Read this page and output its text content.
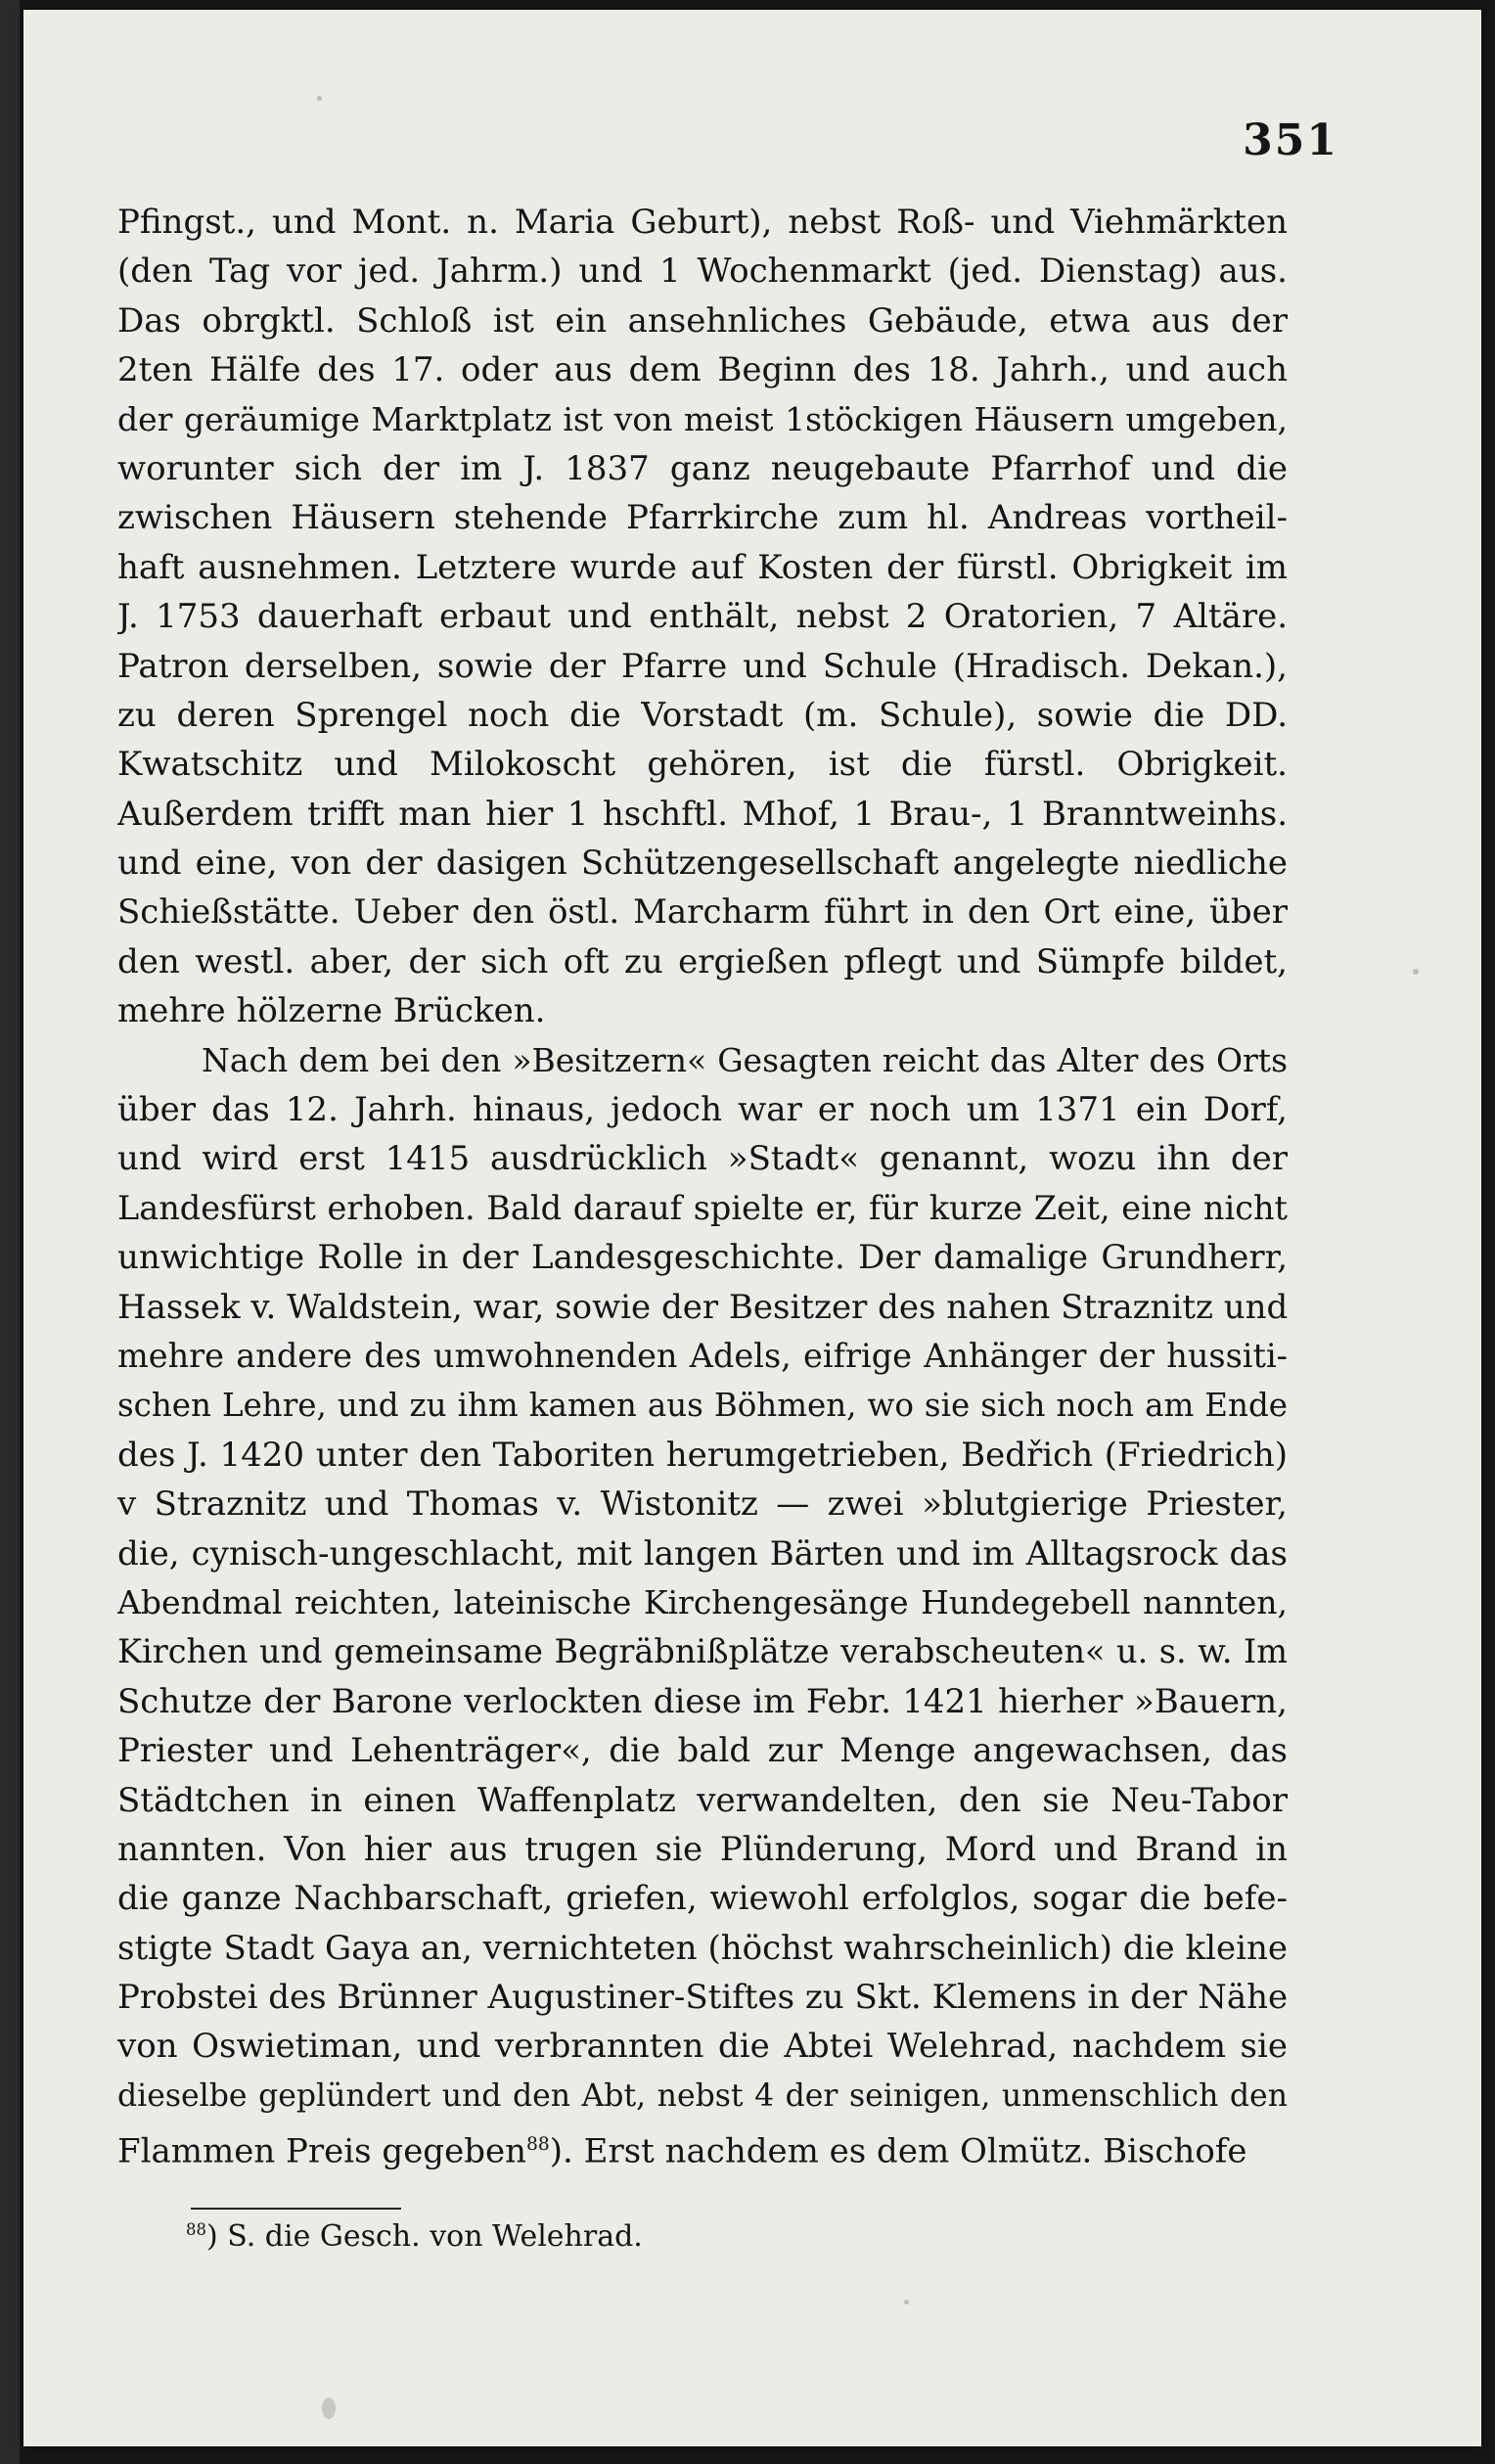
351
Pfingst., und Mont. n. Maria Geburt), nebst Roß- und Viehmärkten
(den Tag vor jed. Jahrm.) und 1 Wochenmarkt (jed. Dienstag) aus.
Das obrgktl. Schloß ist ein ansehnliches Gebäude, etwa aus der
2ten Hälfe des 17. oder aus dem Beginn des 18. Jahrh., und auch
der geräumige Marktplatz ist von meist 1stöckigen Häusern umgeben,
worunter sich der im J. 1837 ganz neugebaute Pfarrhof und die
zwischen Häusern stehende Pfarrkirche zum hl. Andreas vortheil-
haft ausnehmen. Letztere wurde auf Kosten der fürstl. Obrigkeit im
J. 1753 dauerhaft erbaut und enthält, nebst 2 Oratorien, 7 Altäre.
Patron derselben, sowie der Pfarre und Schule (Hradisch. Dekan.),
zu deren Sprengel noch die Vorstadt (m. Schule), sowie die DD.
Kwatschitz und Milokoscht gehören, ist die fürstl. Obrigkeit.
Außerdem trifft man hier 1 hschftl. Mhof, 1 Brau-, 1 Branntweinhs.
und eine, von der dasigen Schützengesellschaft angelegte niedliche
Schießstätte. Ueber den östl. Marcharm führt in den Ort eine, über
den westl. aber, der sich oft zu ergießen pflegt und Sümpfe bildet,
mehre hölzerne Brücken.
Nach dem bei den »Besitzern« Gesagten reicht das Alter des Orts
über das 12. Jahrh. hinaus, jedoch war er noch um 1371 ein Dorf,
und wird erst 1415 ausdrücklich »Stadt« genannt, wozu ihn der
Landesfürst erhoben. Bald darauf spielte er, für kurze Zeit, eine nicht
unwichtige Rolle in der Landesgeschichte. Der damalige Grundherr,
Hassek v. Waldstein, war, sowie der Besitzer des nahen Straznitz und
mehre andere des umwohnenden Adels, eifrige Anhänger der hussiti-
schen Lehre, und zu ihm kamen aus Böhmen, wo sie sich noch am Ende
des J. 1420 unter den Taboriten herumgetrieben, Bedřich (Friedrich)
v Straznitz und Thomas v. Wistonitz — zwei »blutgierige Priester,
die, cynisch-ungeschlacht, mit langen Bärten und im Alltagsrock das
Abendmal reichten, lateinische Kirchengesänge Hundegebell nannten,
Kirchen und gemeinsame Begräbnißplätze verabscheuten« u. s. w. Im
Schutze der Barone verlockten diese im Febr. 1421 hierher »Bauern,
Priester und Lehenträger«, die bald zur Menge angewachsen, das
Städtchen in einen Waffenplatz verwandelten, den sie Neu-Tabor
nannten. Von hier aus trugen sie Plünderung, Mord und Brand in
die ganze Nachbarschaft, griefen, wiewohl erfolglos, sogar die befe-
stigte Stadt Gaya an, vernichteten (höchst wahrscheinlich) die kleine
Probstei des Brünner Augustiner-Stiftes zu Skt. Klemens in der Nähe
von Oswietiman, und verbrannten die Abtei Welehrad, nachdem sie
dieselbe geplündert und den Abt, nebst 4 der seinigen, unmenschlich den
Flammen Preis gegeben$^{88}$). Erst nachdem es dem Olmütz. Bischofe
$^{88}$) S. die Gesch. von Welehrad.
